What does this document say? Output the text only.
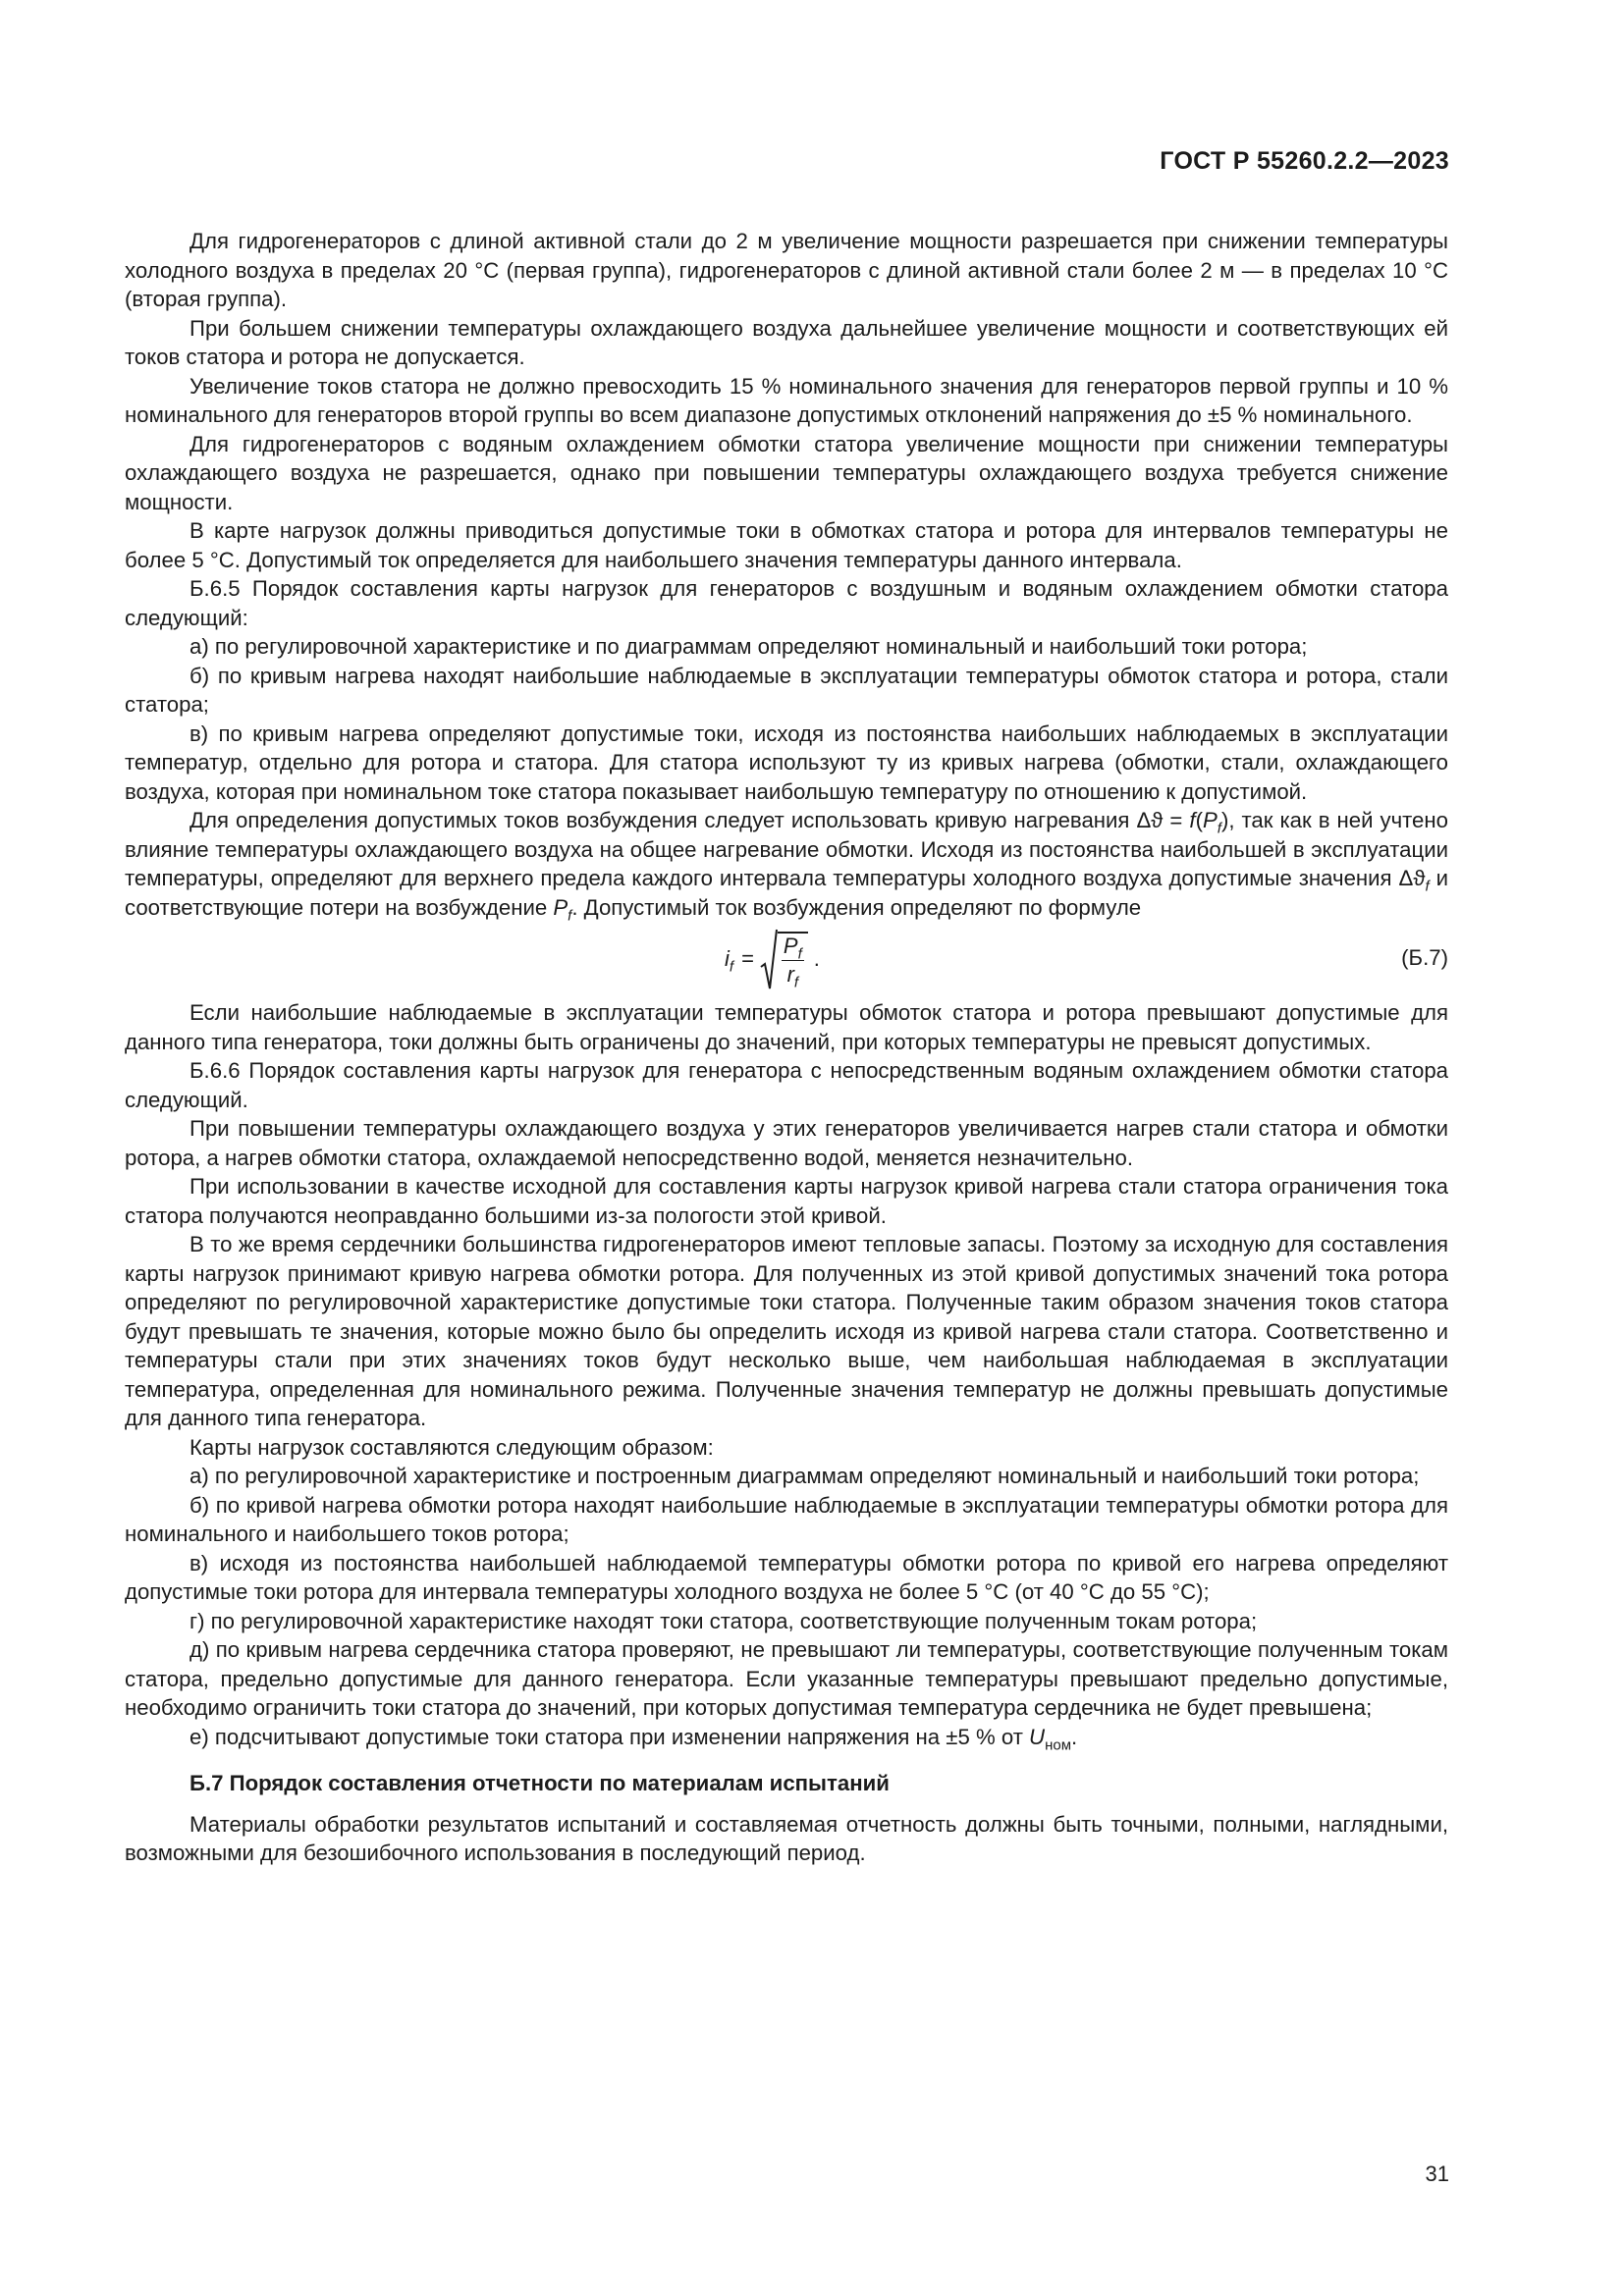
ГОСТ Р 55260.2.2—2023

Для гидрогенераторов с длиной активной стали до 2 м увеличение мощности разрешается при снижении температуры холодного воздуха в пределах 20 °C (первая группа), гидрогенераторов с длиной активной стали более 2 м — в пределах 10 °C (вторая группа).

При большем снижении температуры охлаждающего воздуха дальнейшее увеличение мощности и соответствующих ей токов статора и ротора не допускается.

Увеличение токов статора не должно превосходить 15 % номинального значения для генераторов первой группы и 10 % номинального для генераторов второй группы во всем диапазоне допустимых отклонений напряжения до ±5 % номинального.

Для гидрогенераторов с водяным охлаждением обмотки статора увеличение мощности при снижении температуры охлаждающего воздуха не разрешается, однако при повышении температуры охлаждающего воздуха требуется снижение мощности.

В карте нагрузок должны приводиться допустимые токи в обмотках статора и ротора для интервалов температуры не более 5 °C. Допустимый ток определяется для наибольшего значения температуры данного интервала.

Б.6.5 Порядок составления карты нагрузок для генераторов с воздушным и водяным охлаждением обмотки статора следующий:

а) по регулировочной характеристике и по диаграммам определяют номинальный и наибольший токи ротора;

б) по кривым нагрева находят наибольшие наблюдаемые в эксплуатации температуры обмоток статора и ротора, стали статора;

в) по кривым нагрева определяют допустимые токи, исходя из постоянства наибольших наблюдаемых в эксплуатации температур, отдельно для ротора и статора. Для статора используют ту из кривых нагрева (обмотки, стали, охлаждающего воздуха, которая при номинальном токе статора показывает наибольшую температуру по отношению к допустимой.

Для определения допустимых токов возбуждения следует использовать кривую нагревания $\Delta ϑ = f(P_f)$, так как в ней учтено влияние температуры охлаждающего воздуха на общее нагревание обмотки. Исходя из постоянства наибольшей в эксплуатации температуры, определяют для верхнего предела каждого интервала температуры холодного воздуха допустимые значения $\Delta ϑ_f$ и соответствующие потери на возбуждение $P_f$. Допустимый ток возбуждения определяют по формуле

$i_f = \frac{P_f}{r_f}$ .	(Б.7)

Если наибольшие наблюдаемые в эксплуатации температуры обмоток статора и ротора превышают допустимые для данного типа генератора, токи должны быть ограничены до значений, при которых температуры не превысят допустимых.

Б.6.6 Порядок составления карты нагрузок для генератора с непосредственным водяным охлаждением обмотки статора следующий.

При повышении температуры охлаждающего воздуха у этих генераторов увеличивается нагрев стали статора и обмотки ротора, а нагрев обмотки статора, охлаждаемой непосредственно водой, меняется незначительно.

При использовании в качестве исходной для составления карты нагрузок кривой нагрева стали статора ограничения тока статора получаются неоправданно большими из-за пологости этой кривой.

В то же время сердечники большинства гидрогенераторов имеют тепловые запасы. Поэтому за исходную для составления карты нагрузок принимают кривую нагрева обмотки ротора. Для полученных из этой кривой допустимых значений тока ротора определяют по регулировочной характеристике допустимые токи статора. Полученные таким образом значения токов статора будут превышать те значения, которые можно было бы определить исходя из кривой нагрева стали статора. Соответственно и температуры стали при этих значениях токов будут несколько выше, чем наибольшая наблюдаемая в эксплуатации температура, определенная для номинального режима. Полученные значения температур не должны превышать допустимые для данного типа генератора.

Карты нагрузок составляются следующим образом:

а) по регулировочной характеристике и построенным диаграммам определяют номинальный и наибольший токи ротора;

б) по кривой нагрева обмотки ротора находят наибольшие наблюдаемые в эксплуатации температуры обмотки ротора для номинального и наибольшего токов ротора;

в) исходя из постоянства наибольшей наблюдаемой температуры обмотки ротора по кривой его нагрева определяют допустимые токи ротора для интервала температуры холодного воздуха не более 5 °C (от 40 °C до 55 °C);

г) по регулировочной характеристике находят токи статора, соответствующие полученным токам ротора;

д) по кривым нагрева сердечника статора проверяют, не превышают ли температуры, соответствующие полученным токам статора, предельно допустимые для данного генератора. Если указанные температуры превышают предельно допустимые, необходимо ограничить токи статора до значений, при которых допустимая температура сердечника не будет превышена;

е) подсчитывают допустимые токи статора при изменении напряжения на ±5 % от $U_{ном}$.

Б.7 Порядок составления отчетности по материалам испытаний

Материалы обработки результатов испытаний и составляемая отчетность должны быть точными, полными, наглядными, возможными для безошибочного использования в последующий период.

31
